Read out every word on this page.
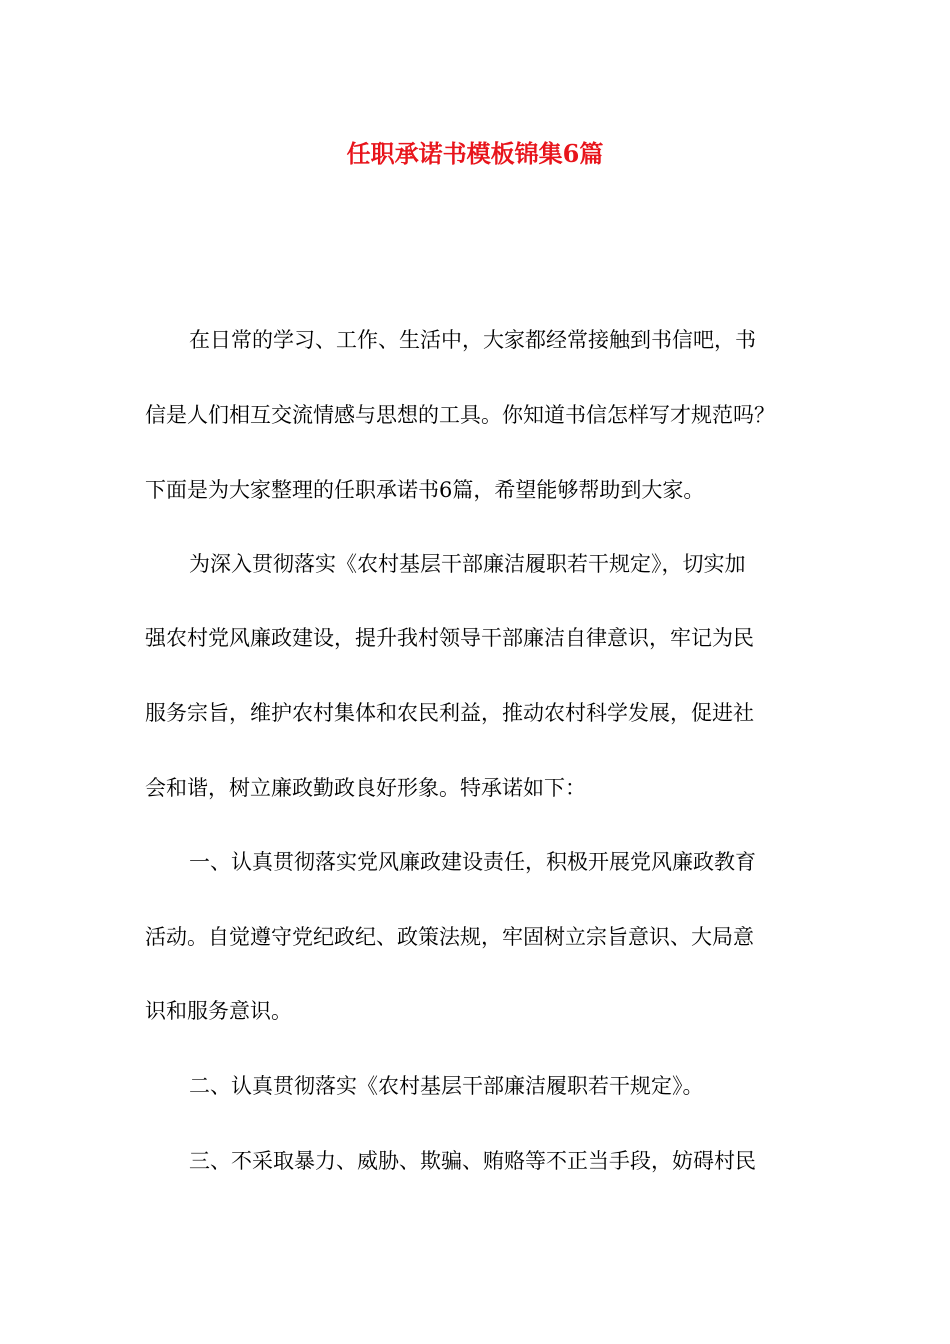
任职承诺书模板锦集6篇
在日常的学习、工作、生活中，大家都经常接触到书信吧，书
信是人们相互交流情感与思想的工具。你知道书信怎样写才规范吗？
下面是为大家整理的任职承诺书6篇，希望能够帮助到大家。
为深入贯彻落实《农村基层干部廉洁履职若干规定》，切实加
强农村党风廉政建设，提升我村领导干部廉洁自律意识，牢记为民
服务宗旨，维护农村集体和农民利益，推动农村科学发展，促进社
会和谐，树立廉政勤政良好形象。特承诺如下：
一、认真贯彻落实党风廉政建设责任，积极开展党风廉政教育
活动。自觉遵守党纪政纪、政策法规，牢固树立宗旨意识、大局意
识和服务意识。
二、认真贯彻落实《农村基层干部廉洁履职若干规定》。
三、不采取暴力、威胁、欺骗、贿赂等不正当手段，妨碍村民
